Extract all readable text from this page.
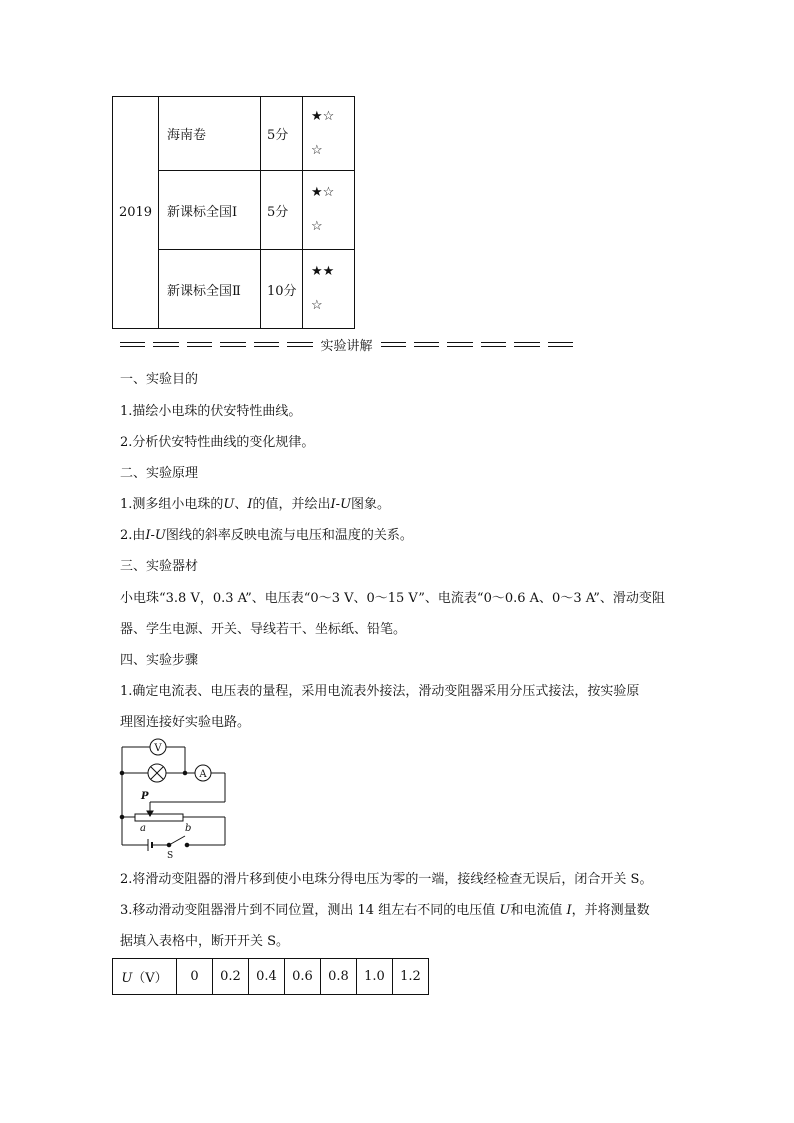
2019	海南卷	5分	★☆
☆

	新课标全国Ⅰ	5分	★☆
☆

	新课标全国Ⅱ	10分	★★
☆
实验讲解
一、实验目的
1.描绘小电珠的伏安特性曲线。
2.分析伏安特性曲线的变化规律。
二、实验原理
1.测多组小电珠的U、I的值，并绘出I-U图象。
2.由I-U图线的斜率反映电流与电压和温度的关系。
三、实验器材
小电珠“3.8 V，0.3 A”、电压表“0～3 V、0～15 V”、电流表“0～0.6 A、0～3 A”、滑动变阻
器、学生电源、开关、导线若干、坐标纸、铅笔。
四、实验步骤
1.确定电流表、电压表的量程，采用电流表外接法，滑动变阻器采用分压式接法，按实验原
理图连接好实验电路。
V
A
P
a	b
S
2.将滑动变阻器的滑片移到使小电珠分得电压为零的一端，接线经检查无误后，闭合开关 S。
3.移动滑动变阻器滑片到不同位置，测出 14 组左右不同的电压值 U和电流值 I，并将测量数
据填入表格中，断开开关 S。
U（V）	0	0.2	0.4	0.6	0.8	1.0	1.2
